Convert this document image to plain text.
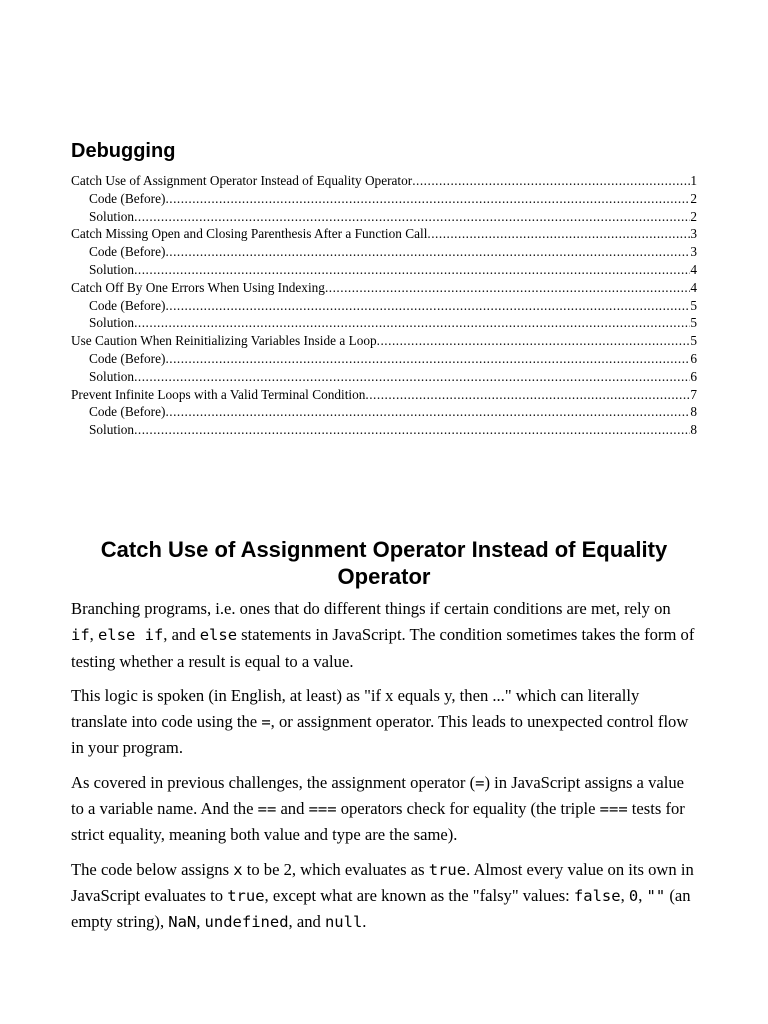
Debugging
Catch Use of Assignment Operator Instead of Equality Operator .....	1
Code (Before) .....	2
Solution .....	2
Catch Missing Open and Closing Parenthesis After a Function Call .....	3
Code (Before) .....	3
Solution .....	4
Catch Off By One Errors When Using Indexing .....	4
Code (Before) .....	5
Solution .....	5
Use Caution When Reinitializing Variables Inside a Loop .....	5
Code (Before) .....	6
Solution .....	6
Prevent Infinite Loops with a Valid Terminal Condition .....	7
Code (Before) .....	8
Solution .....	8
Catch Use of Assignment Operator Instead of Equality Operator

Branching programs, i.e. ones that do different things if certain conditions are met, rely on if, else if, and else statements in JavaScript. The condition sometimes takes the form of testing whether a result is equal to a value.

This logic is spoken (in English, at least) as "if x equals y, then ..." which can literally translate into code using the =, or assignment operator. This leads to unexpected control flow in your program.

As covered in previous challenges, the assignment operator (=) in JavaScript assigns a value to a variable name. And the == and === operators check for equality (the triple === tests for strict equality, meaning both value and type are the same).

The code below assigns x to be 2, which evaluates as true. Almost every value on its own in JavaScript evaluates to true, except what are known as the "falsy" values: false, 0, "" (an empty string), NaN, undefined, and null.
